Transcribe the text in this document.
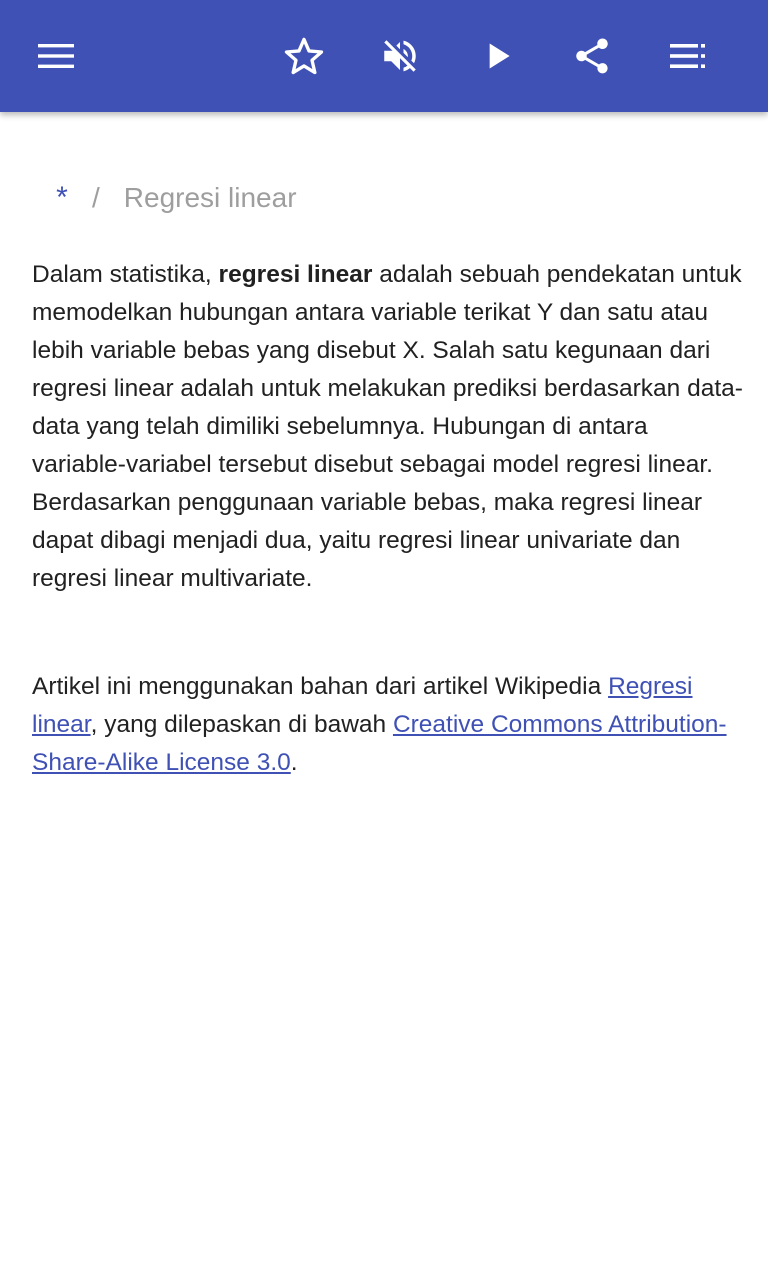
* / Regresi linear

Dalam statistika, regresi linear adalah sebuah pendekatan untuk memodelkan hubungan antara variable terikat Y dan satu atau lebih variable bebas yang disebut X. Salah satu kegunaan dari regresi linear adalah untuk melakukan prediksi berdasarkan data-data yang telah dimiliki sebelumnya. Hubungan di antara variable-variabel tersebut disebut sebagai model regresi linear. Berdasarkan penggunaan variable bebas, maka regresi linear dapat dibagi menjadi dua, yaitu regresi linear univariate dan regresi linear multivariate.

Artikel ini menggunakan bahan dari artikel Wikipedia Regresi linear, yang dilepaskan di bawah Creative Commons Attribution-Share-Alike License 3.0.
